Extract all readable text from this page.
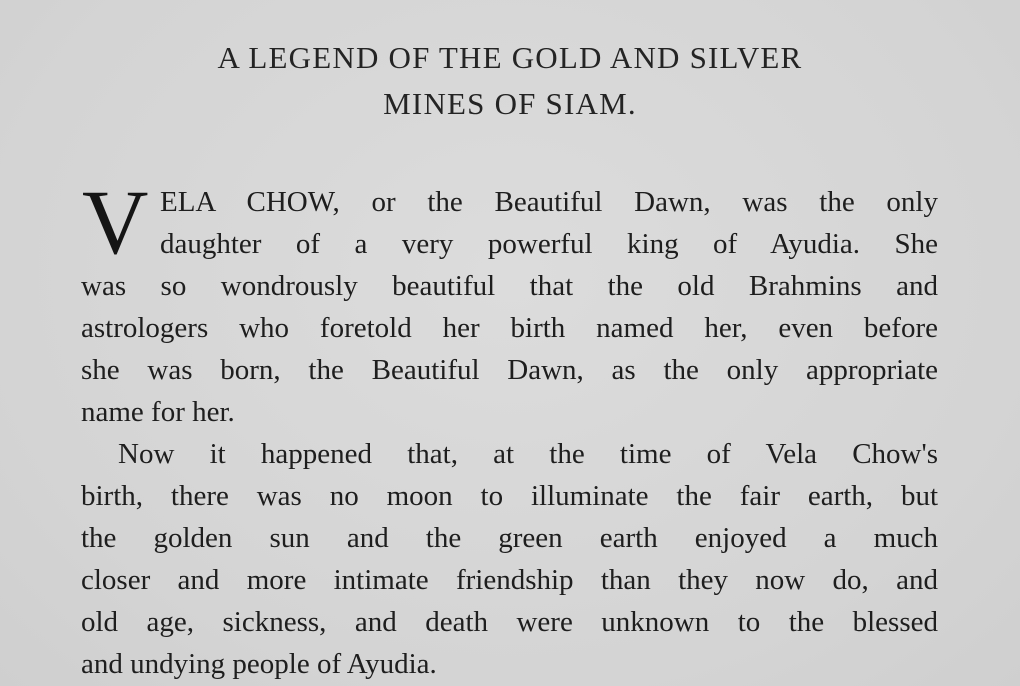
A LEGEND OF THE GOLD AND SILVER
MINES OF SIAM.
V ELA CHOW, or the Beautiful Dawn, was the only
daughter of a very powerful king of Ayudia. She
was so wondrously beautiful that the old Brahmins and
astrologers who foretold her birth named her, even before
she was born, the Beautiful Dawn, as the only appropriate
name for her.
Now it happened that, at the time of Vela Chow's
birth, there was no moon to illuminate the fair earth, but
the golden sun and the green earth enjoyed a much
closer and more intimate friendship than they now do, and
old age, sickness, and death were unknown to the blessed
and undying people of Ayudia.
